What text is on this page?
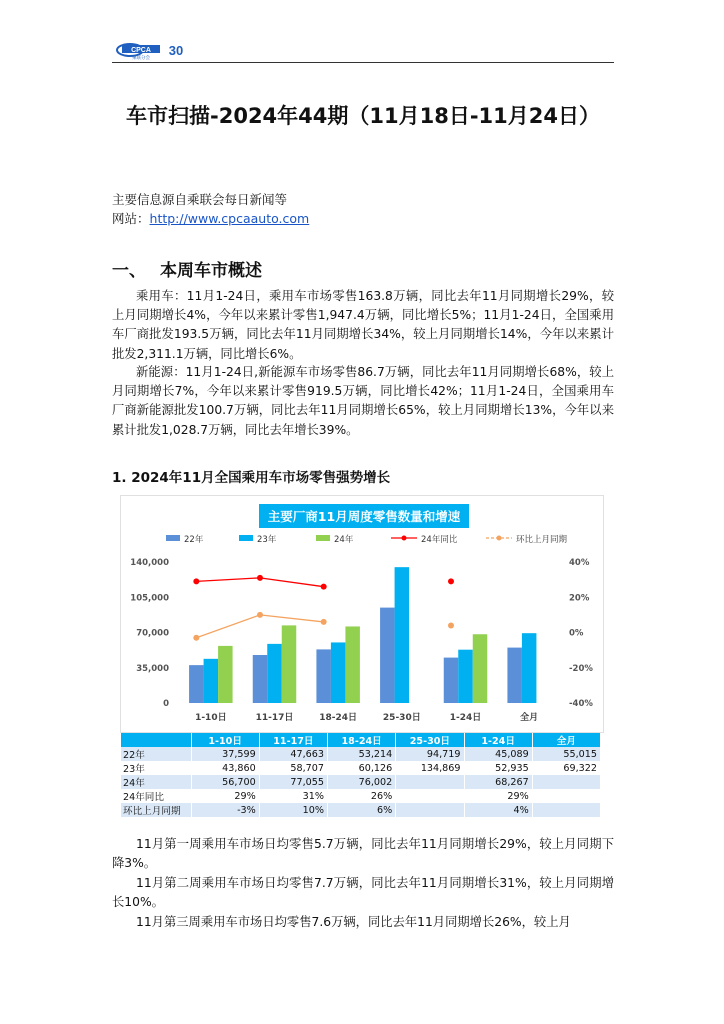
CPCA
乘联分会
30
车市扫描-2024年44期（11月18日-11月24日）

主要信息源自乘联会每日新闻等

网站：http://www.cpcaauto.com

一、 本周车市概述

乘用车：11月1-24日，乘用车市场零售163.8万辆，同比去年11月同期增长29%，较上月同期增长4%，今年以来累计零售1,947.4万辆，同比增长5%；11月1-24日，全国乘用车厂商批发193.5万辆，同比去年11月同期增长34%，较上月同期增长14%，今年以来累计批发2,311.1万辆，同比增长6%。

新能源：11月1-24日,新能源车市场零售86.7万辆，同比去年11月同期增长68%，较上月同期增长7%，今年以来累计零售919.5万辆，同比增长42%；11月1-24日，全国乘用车厂商新能源批发100.7万辆，同比去年11月同期增长65%，较上月同期增长13%，今年以来累计批发1,028.7万辆，同比去年增长39%。

1. 2024年11月全国乘用车市场零售强势增长
主要厂商11月周度零售数量和增速
22年	23年	24年	24年同比	环比上月同期
140,000
105,000
70,000
35,000
0
40%
20%
0%
-20%
-40%
1-10日	11-17日	18-24日	25-30日	1-24日	全月
	1-10日	11-17日	18-24日	25-30日	1-24日	全月
22年	37,599	47,663	53,214	94,719	45,089	55,015
23年	43,860	58,707	60,126	134,869	52,935	69,322
24年	56,700	77,055	76,002		68,267	
24年同比	29%	31%	26%		29%	
环比上月同期	-3%	10%	6%		4%	

11月第一周乘用车市场日均零售5.7万辆，同比去年11月同期增长29%，较上月同期下降3%。

11月第二周乘用车市场日均零售7.7万辆，同比去年11月同期增长31%，较上月同期增长10%。

11月第三周乘用车市场日均零售7.6万辆，同比去年11月同期增长26%，较上月
